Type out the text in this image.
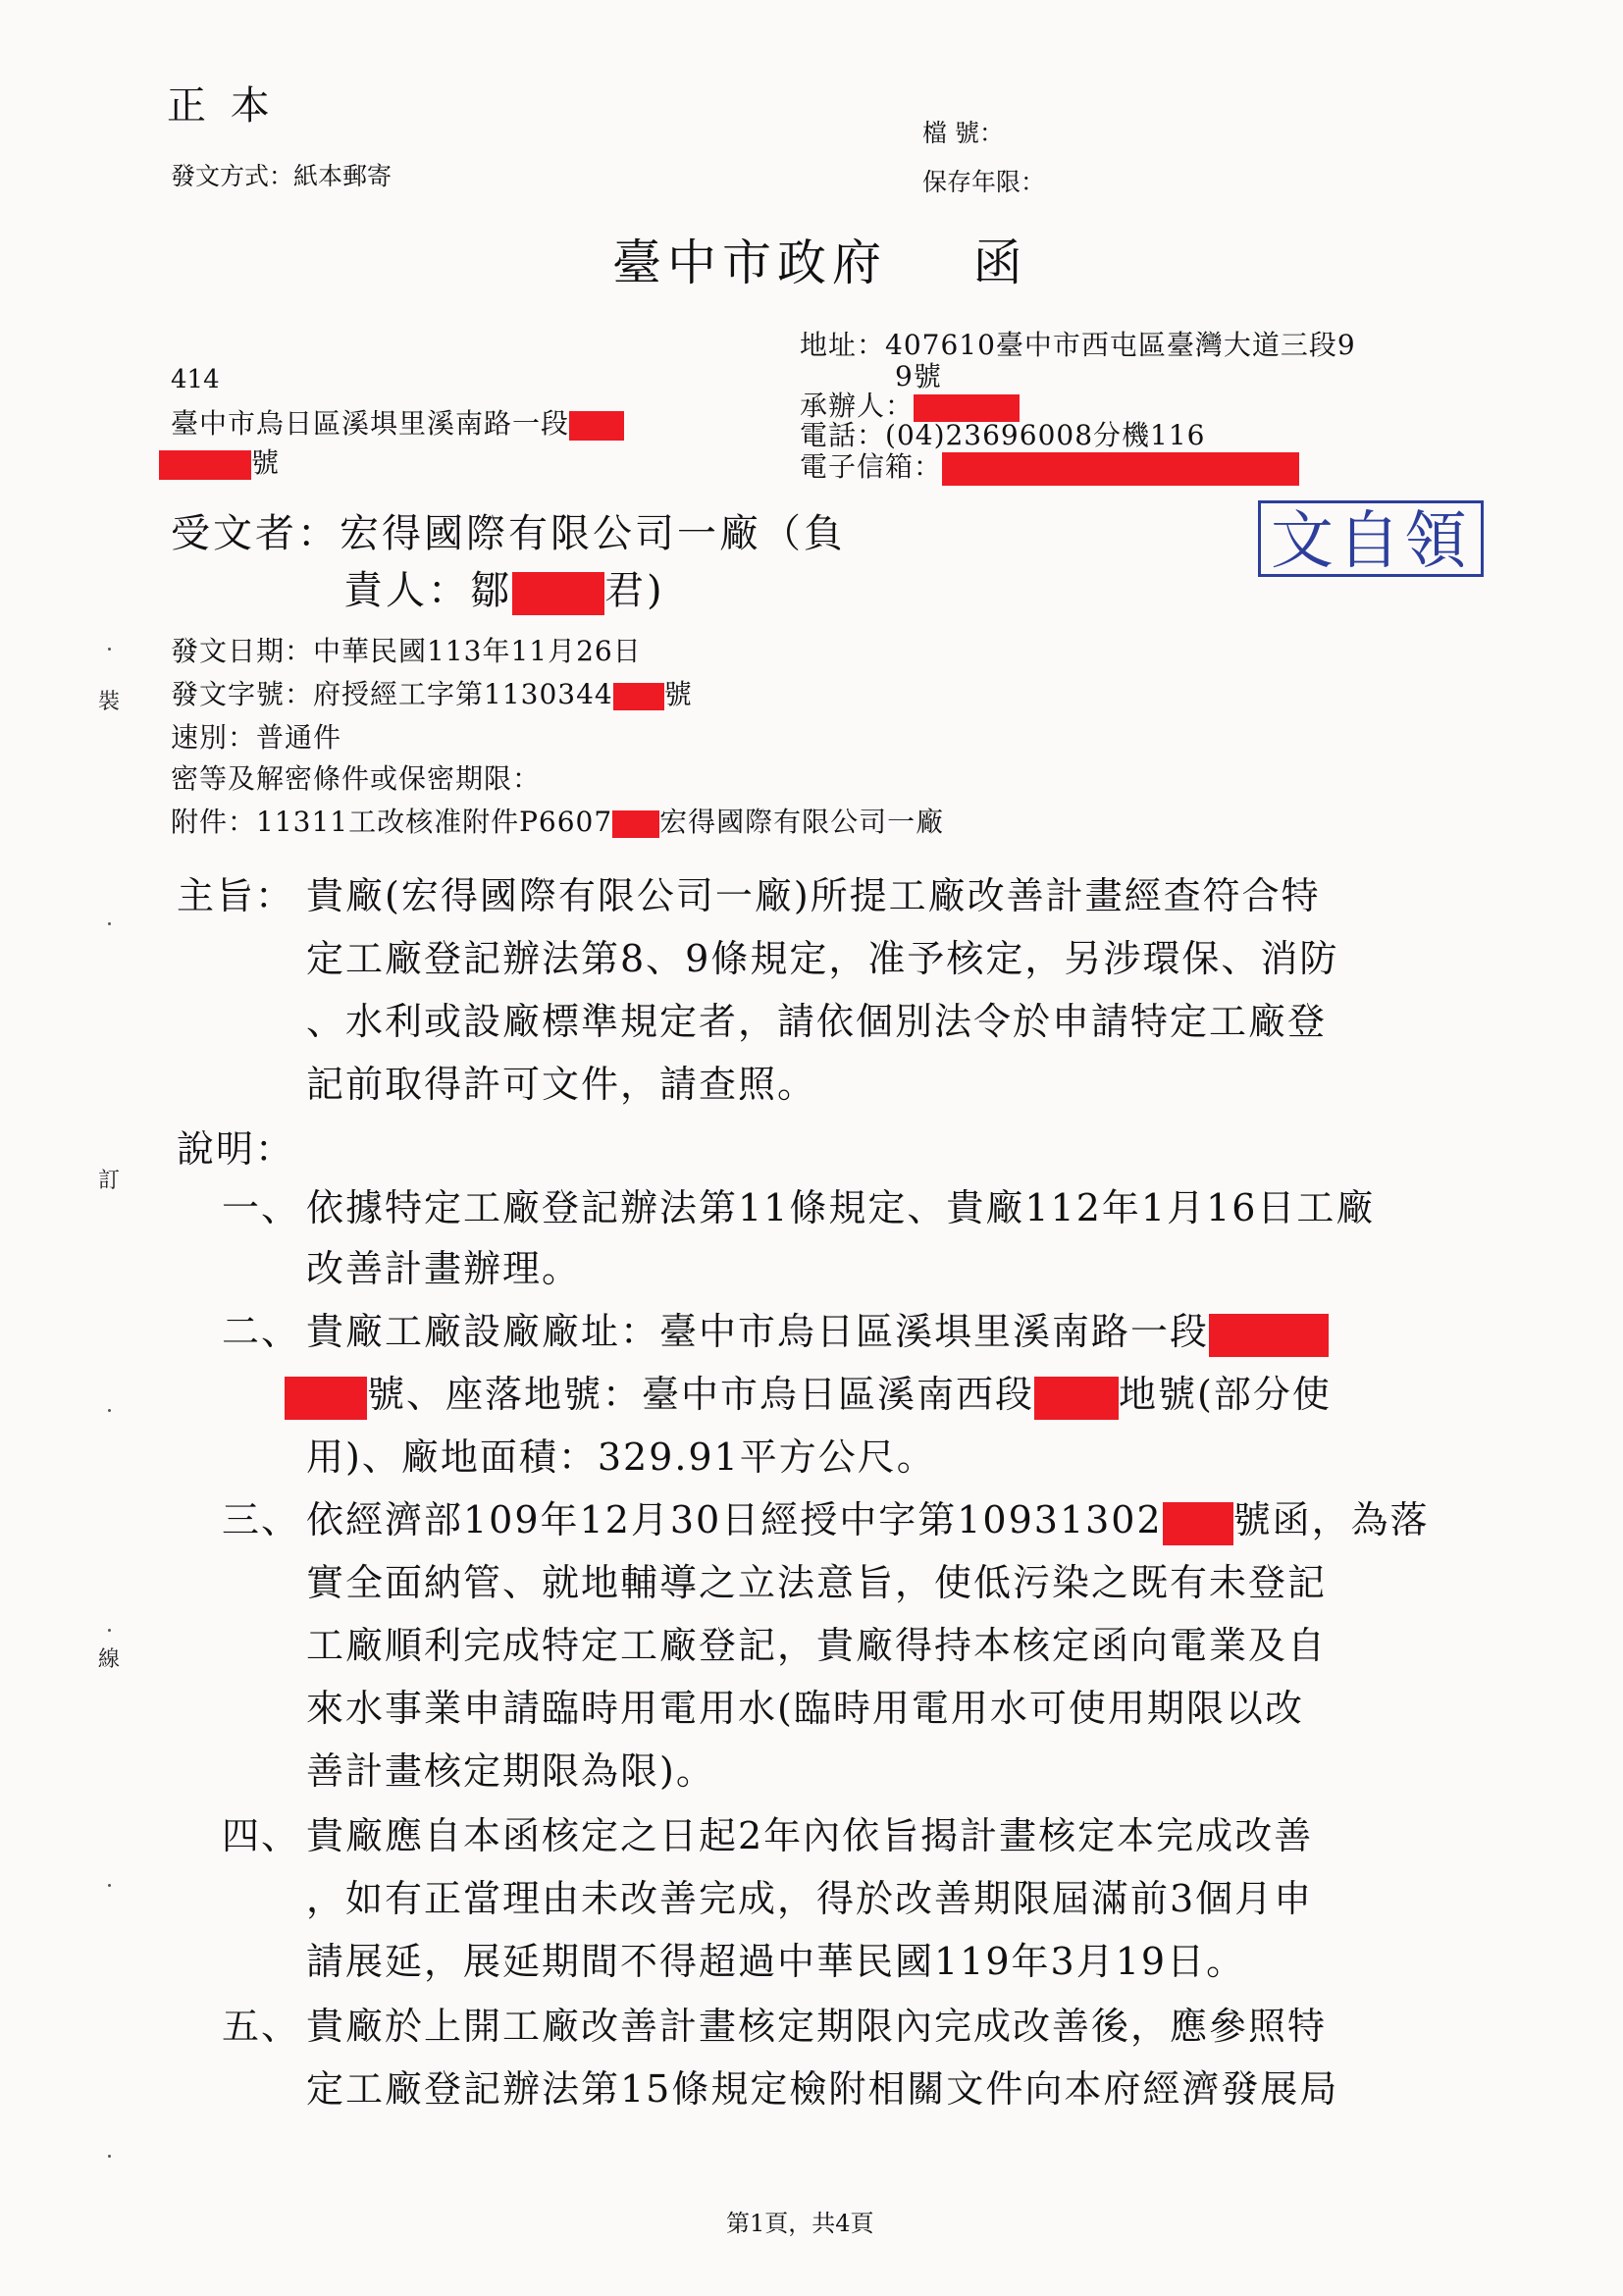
正 本
發文方式：紙本郵寄
檔 號：
保存年限：
臺中市政府    函
地址：407610臺中市西屯區臺灣大道三段9
9號
承辦人：
電話：(04)23696008分機116
電子信箱：
414
臺中市烏日區溪埧里溪南路一段
號
受文者：宏得國際有限公司一廠（負
責人：鄒 君)
文自領
發文日期：中華民國113年11月26日
發文字號：府授經工字第1130344 號
速別：普通件
密等及解密條件或保密期限：
附件：11311工改核准附件P6607 宏得國際有限公司一廠
主旨： 貴廠(宏得國際有限公司一廠)所提工廠改善計畫經查符合特
定工廠登記辦法第8、9條規定，准予核定，另涉環保、消防
、水利或設廠標準規定者，請依個別法令於申請特定工廠登
記前取得許可文件，請查照。
說明：
一、 依據特定工廠登記辦法第11條規定、貴廠112年1月16日工廠
改善計畫辦理。
二、 貴廠工廠設廠廠址：臺中市烏日區溪埧里溪南路一段
號、座落地號：臺中市烏日區溪南西段 地號(部分使
用)、廠地面積：329.91平方公尺。
三、 依經濟部109年12月30日經授中字第10931302 號函，為落
實全面納管、就地輔導之立法意旨，使低污染之既有未登記
工廠順利完成特定工廠登記，貴廠得持本核定函向電業及自
來水事業申請臨時用電用水(臨時用電用水可使用期限以改
善計畫核定期限為限)。
四、 貴廠應自本函核定之日起2年內依旨揭計畫核定本完成改善
，如有正當理由未改善完成，得於改善期限屆滿前3個月申
請展延，展延期間不得超過中華民國119年3月19日。
五、 貴廠於上開工廠改善計畫核定期限內完成改善後，應參照特
定工廠登記辦法第15條規定檢附相關文件向本府經濟發展局
裝
訂
線
第1頁，共4頁
